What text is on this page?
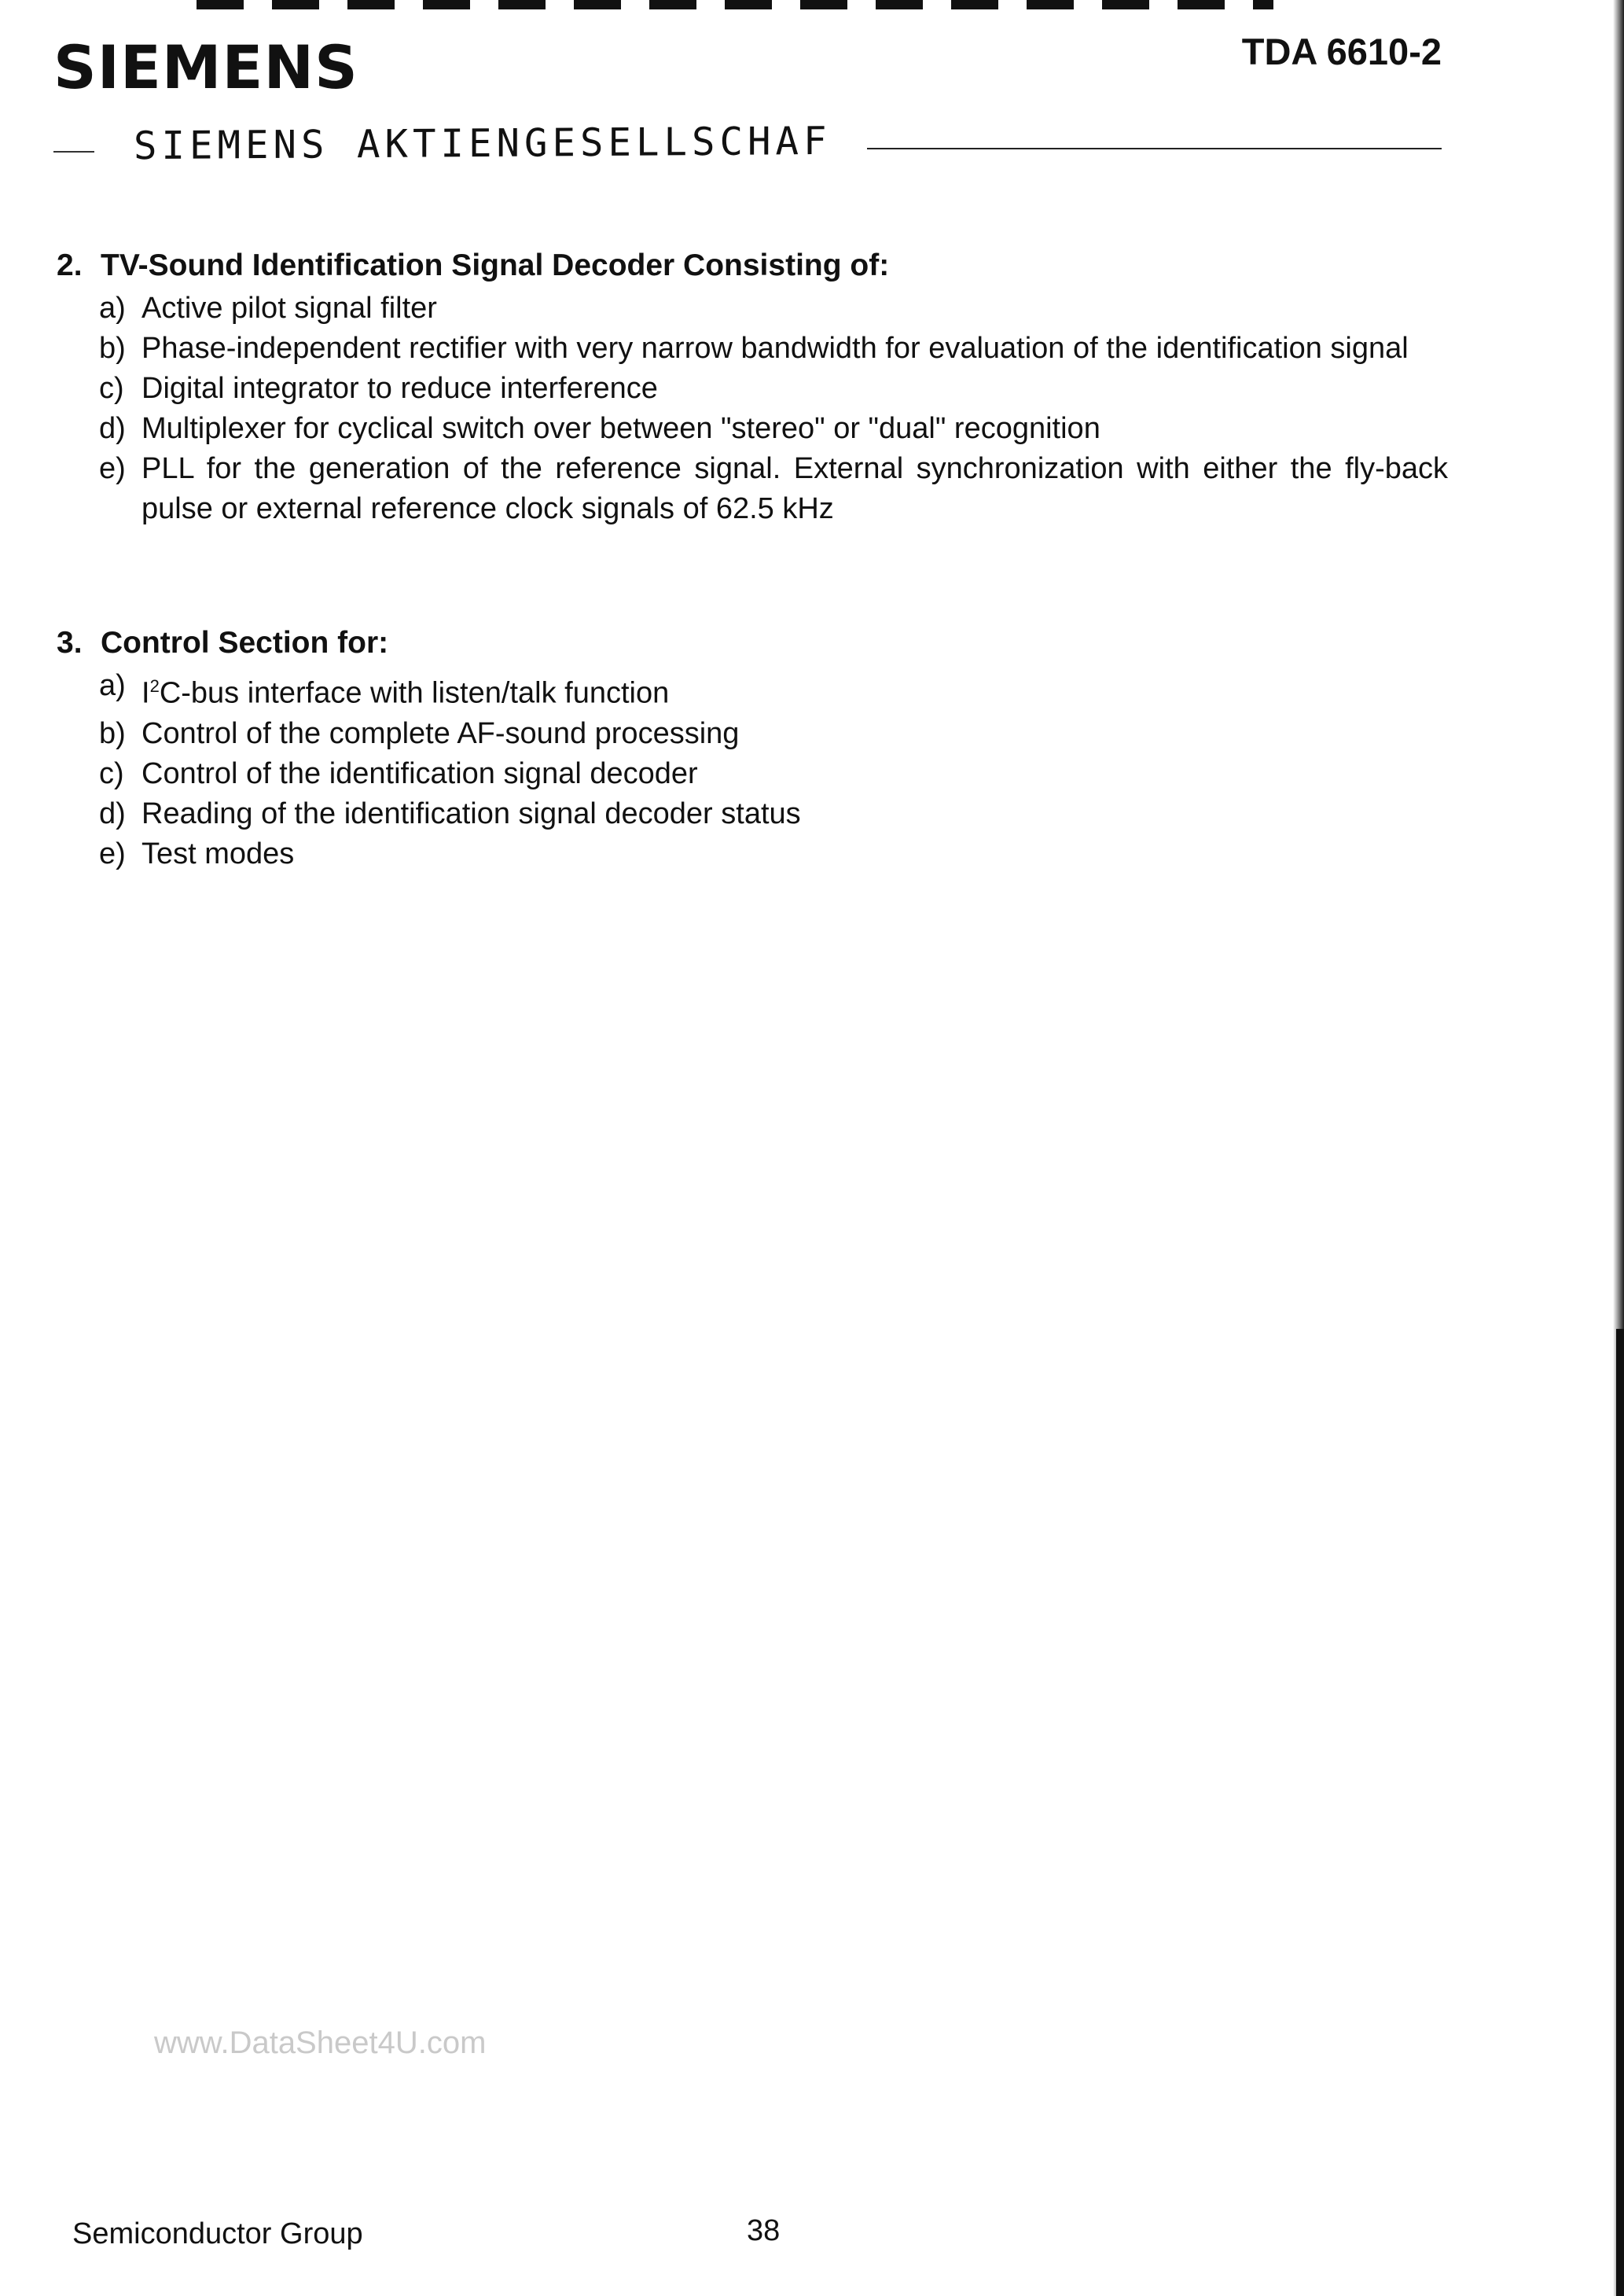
SIEMENS	TDA 6610-2
SIEMENS AKTIENGESELLSCHAF
2. TV-Sound Identification Signal Decoder Consisting of:
a) Active pilot signal filter
b) Phase-independent rectifier with very narrow bandwidth for evaluation of the identification signal
c) Digital integrator to reduce interference
d) Multiplexer for cyclical switch over between "stereo" or "dual" recognition
e) PLL for the generation of the reference signal. External synchronization with either the fly-back pulse or external reference clock signals of 62.5 kHz
3. Control Section for:
a) $I^2C$-bus interface with listen/talk function
b) Control of the complete AF-sound processing
c) Control of the identification signal decoder
d) Reading of the identification signal decoder status
e) Test modes
www.DataSheet4U.com
Semiconductor Group	38
